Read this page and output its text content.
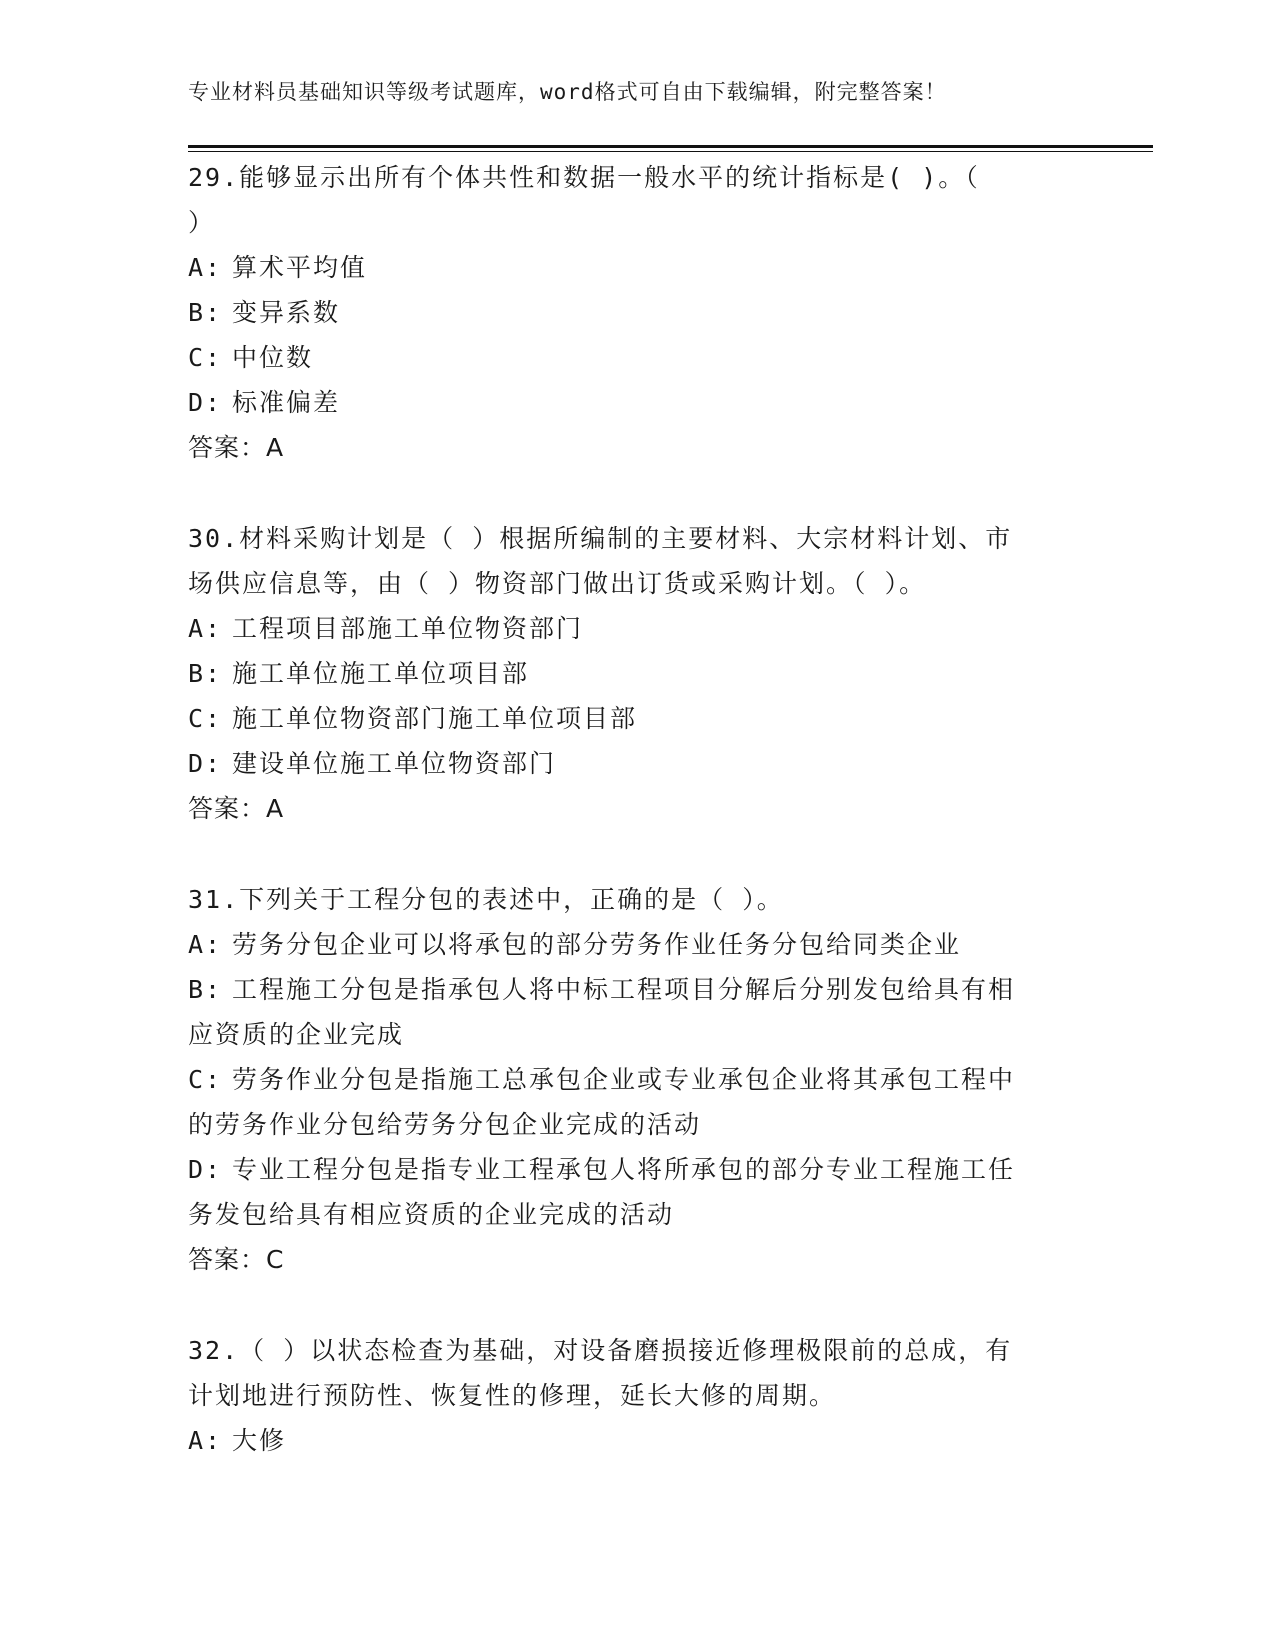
专业材料员基础知识等级考试题库，word格式可自由下载编辑，附完整答案！
29.能够显示出所有个体共性和数据一般水平的统计指标是( )。（
）
A: 算术平均值
B: 变异系数
C: 中位数
D: 标准偏差
答案：A
30.材料采购计划是（ ）根据所编制的主要材料、大宗材料计划、市
场供应信息等，由（ ）物资部门做出订货或采购计划。（ ）。
A: 工程项目部施工单位物资部门
B: 施工单位施工单位项目部
C: 施工单位物资部门施工单位项目部
D: 建设单位施工单位物资部门
答案：A
31.下列关于工程分包的表述中，正确的是（ ）。
A: 劳务分包企业可以将承包的部分劳务作业任务分包给同类企业
B: 工程施工分包是指承包人将中标工程项目分解后分别发包给具有相
应资质的企业完成
C: 劳务作业分包是指施工总承包企业或专业承包企业将其承包工程中
的劳务作业分包给劳务分包企业完成的活动
D: 专业工程分包是指专业工程承包人将所承包的部分专业工程施工任
务发包给具有相应资质的企业完成的活动
答案：C
32.（ ）以状态检查为基础，对设备磨损接近修理极限前的总成，有
计划地进行预防性、恢复性的修理，延长大修的周期。
A: 大修
